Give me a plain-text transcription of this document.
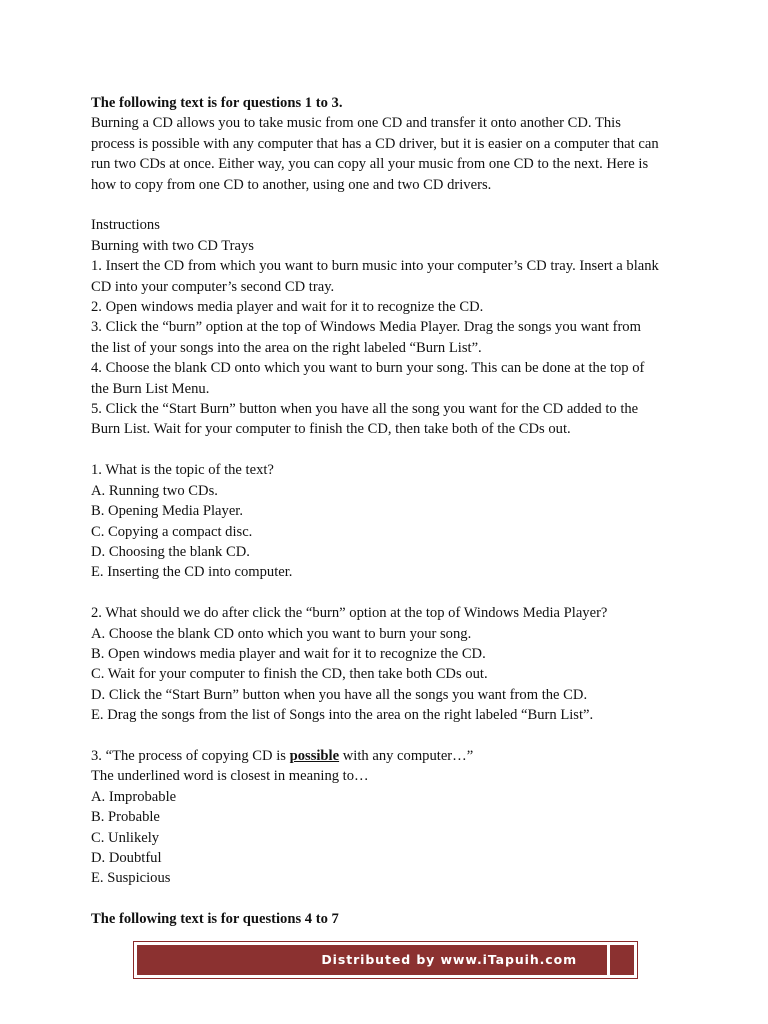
The following text is for questions 1 to 3.
Burning a CD allows you to take music from one CD and transfer it onto another CD. This
process is possible with any computer that has a CD driver, but it is easier on a computer that can
run two CDs at once. Either way, you can copy all your music from one CD to the next. Here is
how to copy from one CD to another, using one and two CD drivers.
Instructions
Burning with two CD Trays
1. Insert the CD from which you want to burn music into your computer’s CD tray. Insert a blank
CD into your computer’s second CD tray.
2. Open windows media player and wait for it to recognize the CD.
3. Click the “burn” option at the top of Windows Media Player. Drag the songs you want from
the list of your songs into the area on the right labeled “Burn List”.
4. Choose the blank CD onto which you want to burn your song. This can be done at the top of
the Burn List Menu.
5. Click the “Start Burn” button when you have all the song you want for the CD added to the
Burn List. Wait for your computer to finish the CD, then take both of the CDs out.
1. What is the topic of the text?
A. Running two CDs.
B. Opening Media Player.
C. Copying a compact disc.
D. Choosing the blank CD.
E. Inserting the CD into computer.
2. What should we do after click the “burn” option at the top of Windows Media Player?
A. Choose the blank CD onto which you want to burn your song.
B. Open windows media player and wait for it to recognize the CD.
C. Wait for your computer to finish the CD, then take both CDs out.
D. Click the “Start Burn” button when you have all the songs you want from the CD.
E. Drag the songs from the list of Songs into the area on the right labeled “Burn List”.
3. “The process of copying CD is possible with any computer…”
The underlined word is closest in meaning to…
A. Improbable
B. Probable
C. Unlikely
D. Doubtful
E. Suspicious
The following text is for questions 4 to 7
Distributed by www.iTapuih.com
